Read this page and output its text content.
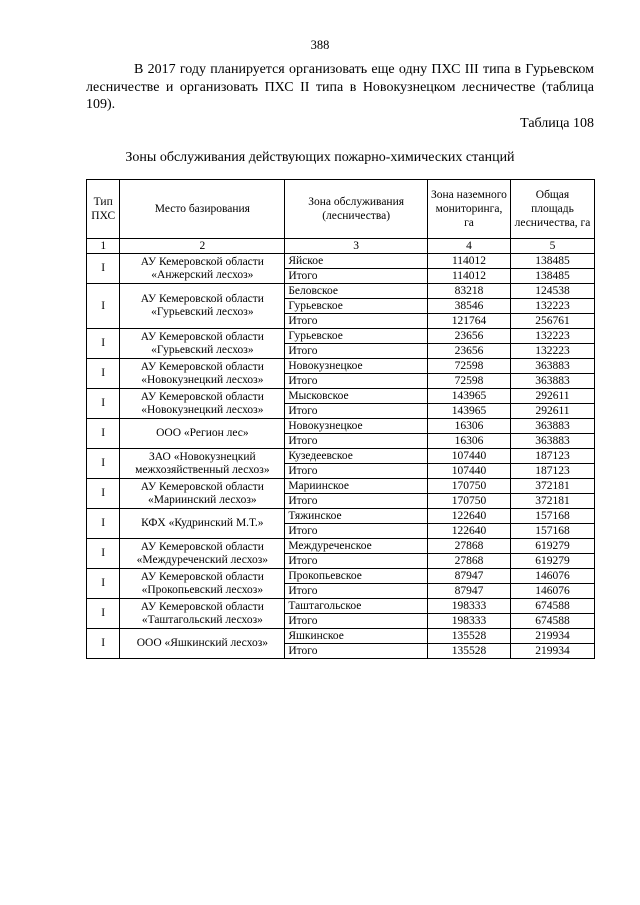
388
В 2017 году планируется организовать еще одну ПХС III типа в Гурьевском лесничестве и организовать ПХС II типа в Новокузнецком лесничестве (таблица 109).
Таблица 108
Зоны обслуживания действующих пожарно-химических станций
Тип ПХС	Место базирования	Зона обслуживания (лесничества)	Зона наземного мониторинга, га	Общая площадь лесничества, га
1	2	3	4	5
I	АУ Кемеровской области «Анжерский лесхоз»	Яйское	114012	138485
		Итого	114012	138485
I	АУ Кемеровской области «Гурьевский лесхоз»	Беловское	83218	124538
		Гурьевское	38546	132223
		Итого	121764	256761
I	АУ Кемеровской области «Гурьевский лесхоз»	Гурьевское	23656	132223
		Итого	23656	132223
I	АУ Кемеровской области «Новокузнецкий лесхоз»	Новокузнецкое	72598	363883
		Итого	72598	363883
I	АУ Кемеровской области «Новокузнецкий лесхоз»	Мысковское	143965	292611
		Итого	143965	292611
I	ООО «Регион лес»	Новокузнецкое	16306	363883
		Итого	16306	363883
I	ЗАО «Новокузнецкий межхозяйственный лесхоз»	Кузедеевское	107440	187123
		Итого	107440	187123
I	АУ Кемеровской области «Мариинский лесхоз»	Мариинское	170750	372181
		Итого	170750	372181
I	КФХ «Кудринский М.Т.»	Тяжинское	122640	157168
		Итого	122640	157168
I	АУ Кемеровской области «Междуреченский лесхоз»	Междуреченское	27868	619279
		Итого	27868	619279
I	АУ Кемеровской области «Прокопьевский лесхоз»	Прокопьевское	87947	146076
		Итого	87947	146076
I	АУ Кемеровской области «Таштагольский лесхоз»	Таштагольское	198333	674588
		Итого	198333	674588
I	ООО «Яшкинский лесхоз»	Яшкинское	135528	219934
		Итого	135528	219934
